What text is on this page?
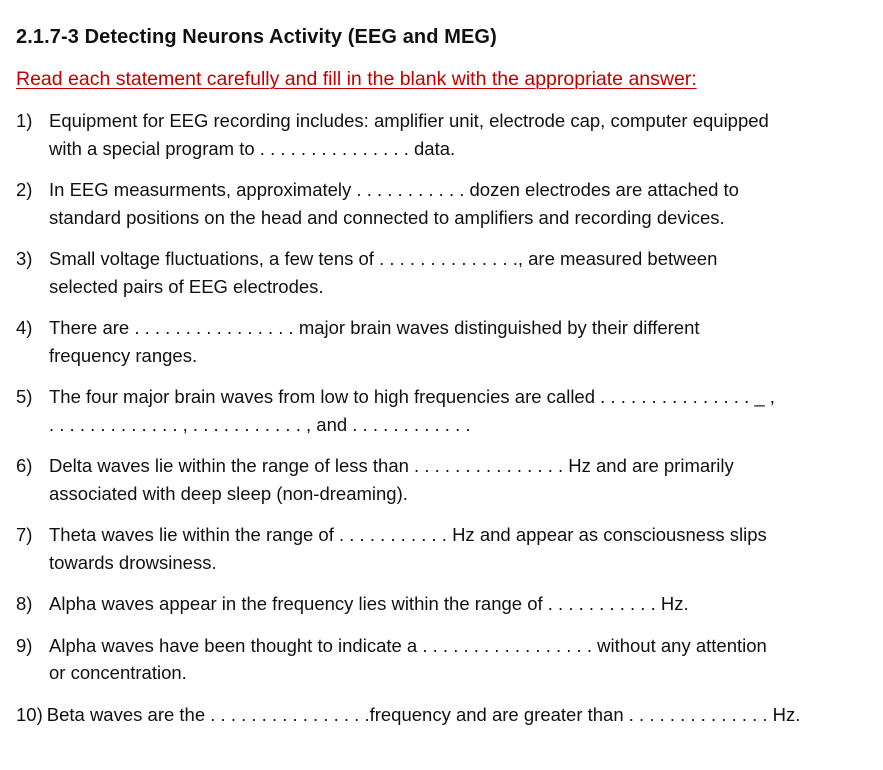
2.1.7-3 Detecting Neurons Activity (EEG and MEG)
Read each statement carefully and fill in the blank with the appropriate answer:
1) Equipment for EEG recording includes: amplifier unit, electrode cap, computer equipped
with a special program to . . . . . . . . . . . . . . . data.
2) In EEG measurments, approximately . . . . . . . . . . . dozen electrodes are attached to
standard positions on the head and connected to amplifiers and recording devices.
3) Small voltage fluctuations, a few tens of . . . . . . . . . . . . . ., are measured between
selected pairs of EEG electrodes.
4) There are . . . . . . . . . . . . . . . . major brain waves distinguished by their different
frequency ranges.
5) The four major brain waves from low to high frequencies are called . . . . . . . . . . . . . . . _ ,
. . . . . . . . . . . . . , . . . . . . . . . . . , and . . . . . . . . . . . .
6) Delta waves lie within the range of less than . . . . . . . . . . . . . . . Hz and are primarily
associated with deep sleep (non-dreaming).
7) Theta waves lie within the range of . . . . . . . . . . . Hz and appear as consciousness slips
towards drowsiness.
8) Alpha waves appear in the frequency lies within the range of . . . . . . . . . . . Hz.
9) Alpha waves have been thought to indicate a . . . . . . . . . . . . . . . . . without any attention
or concentration.
10) Beta waves are the . . . . . . . . . . . . . . . .frequency and are greater than . . . . . . . . . . . . . . Hz.
